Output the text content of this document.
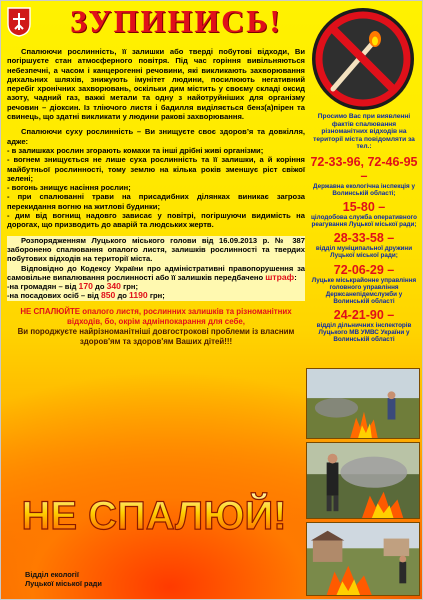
ЗУПИНИСЬ!

Спалюючи рослинність, її залишки або тверді побутові відходи, Ви погіршуєте стан атмосферного повітря. Під час горіння вивільняються небезпечні, а часом і канцерогенні речовини, які викликають захворювання дихальних шляхів, знижують імунітет людини, посилюють негативний перебіг хронічних захворювань, оскільки дим містить у своєму складі оксид азоту, чадний газ, важкі метали та одну з найотруйніших для організму речовин – діоксин. Із тліючого листя і бадилля виділяється бенз(а)пірен та свинець, що здатні викликати у людини ракові захворювання.

Спалюючи суху рослинність – Ви знищуєте своє здоров’я та довкілля, адже:

- в залишках рослин згорають комахи та інші дрібні живі організми;

- вогнем знищується не лише суха рослинність та її залишки, а й коріння майбутньої рослинності, тому землю на кілька років зменшує ріст свіжої зелені;

- вогонь знищує насіння рослин;

- при спалюванні трави на присадибних ділянках виникає загроза перекидання вогню на житлові будинки;

- дим від вогнищ надовго зависає у повітрі, погіршуючи видимість на дорогах, що призводить до аварій та людських жертв.

Розпорядженням Луцького міського голови від 16.09.2013 р. № 387 заборонено спалювання опалого листя, залишків рослинності та твердих побутових відходів на території міста.

Відповідно до Кодексу України про адміністративні правопорушення за самовільне випалювання рослинності або її залишків передбачено штраф:

-на громадян – від 170 до 340 грн;

-на посадових осіб – від 850 до 1190 грн;

НЕ СПАЛЮЙТЕ опалого листя, рослинних залишків та різноманітних відходів, бо, окрім адмінпокарання для себе,

Ви породжуєте найрізноманітніші довгострокові проблеми із власним здоров'ям та здоров'ям Ваших дітей!!!

Просимо Вас при виявленні фактів спалювання різноманітних відходів на території міста повідомляти за тел.:
72-33-96, 72-46-95 –
Державна екологічна інспекція у Волинській області;
15-80 –
цілодобова служба оперативного реагування Луцької міської ради;
28-33-58 –
відділ муніципальної дружини Луцької міської ради;
72-06-29 –
Луцьке міськрайонне управління головного управління Держсанепідемслужби у Волинській області
24-21-90 –
відділ дільничних інспекторів Луцького МВ УМВС України у Волинській області
НЕ СПАЛЮЙ!
Відділ екології
Луцької міської ради
